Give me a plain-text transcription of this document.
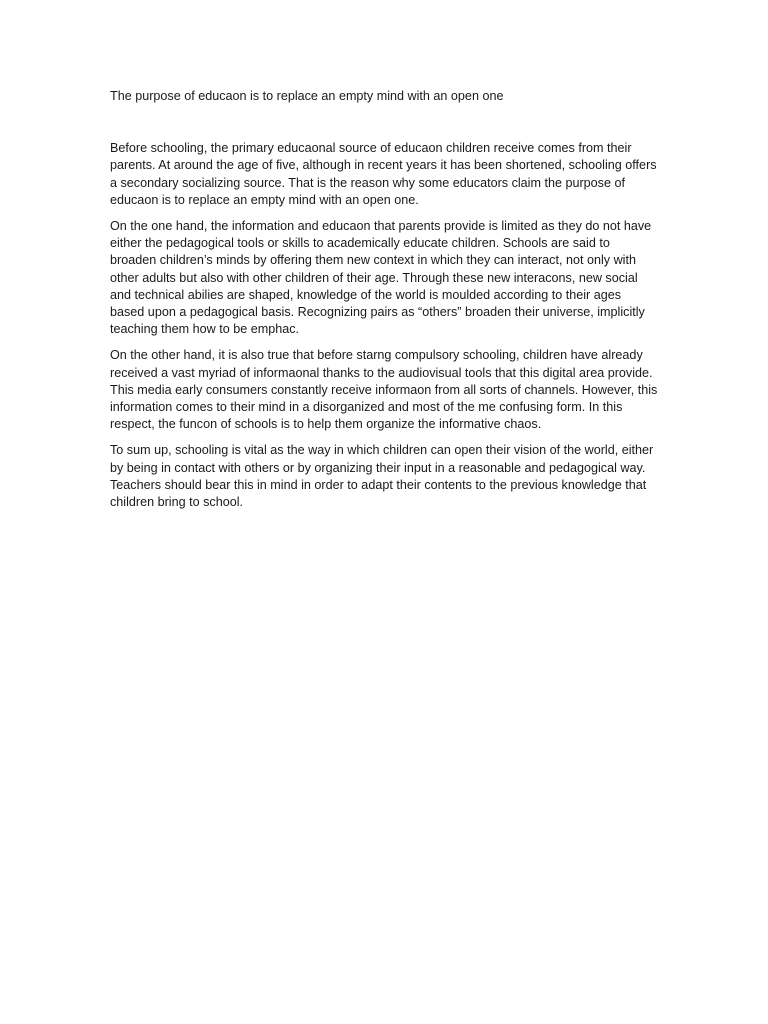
The purpose of educaon is to replace an empty mind with an open one

Before schooling, the primary educaonal source of educaon children receive comes from their parents. At around the age of five, although in recent years it has been shortened, schooling offers a secondary socializing source. That is the reason why some educators claim the purpose of educaon is to replace an empty mind with an open one.

On the one hand, the information and educaon that parents provide is limited as they do not have either the pedagogical tools or skills to academically educate children. Schools are said to broaden children’s minds by offering them new context in which they can interact, not only with other adults but also with other children of their age. Through these new interacons, new social and technical abilies are shaped, knowledge of the world is moulded according to their ages based upon a pedagogical basis. Recognizing pairs as “others” broaden their universe, implicitly teaching them how to be emphac.

On the other hand, it is also true that before starng compulsory schooling, children have already received a vast myriad of informaonal thanks to the audiovisual tools that this digital area provide. This media early consumers constantly receive informaon from all sorts of channels. However, this information comes to their mind in a disorganized and most of the me confusing form. In this respect, the funcon of schools is to help them organize the informative chaos.

To sum up, schooling is vital as the way in which children can open their vision of the world, either by being in contact with others or by organizing their input in a reasonable and pedagogical way. Teachers should bear this in mind in order to adapt their contents to the previous knowledge that children bring to school.
